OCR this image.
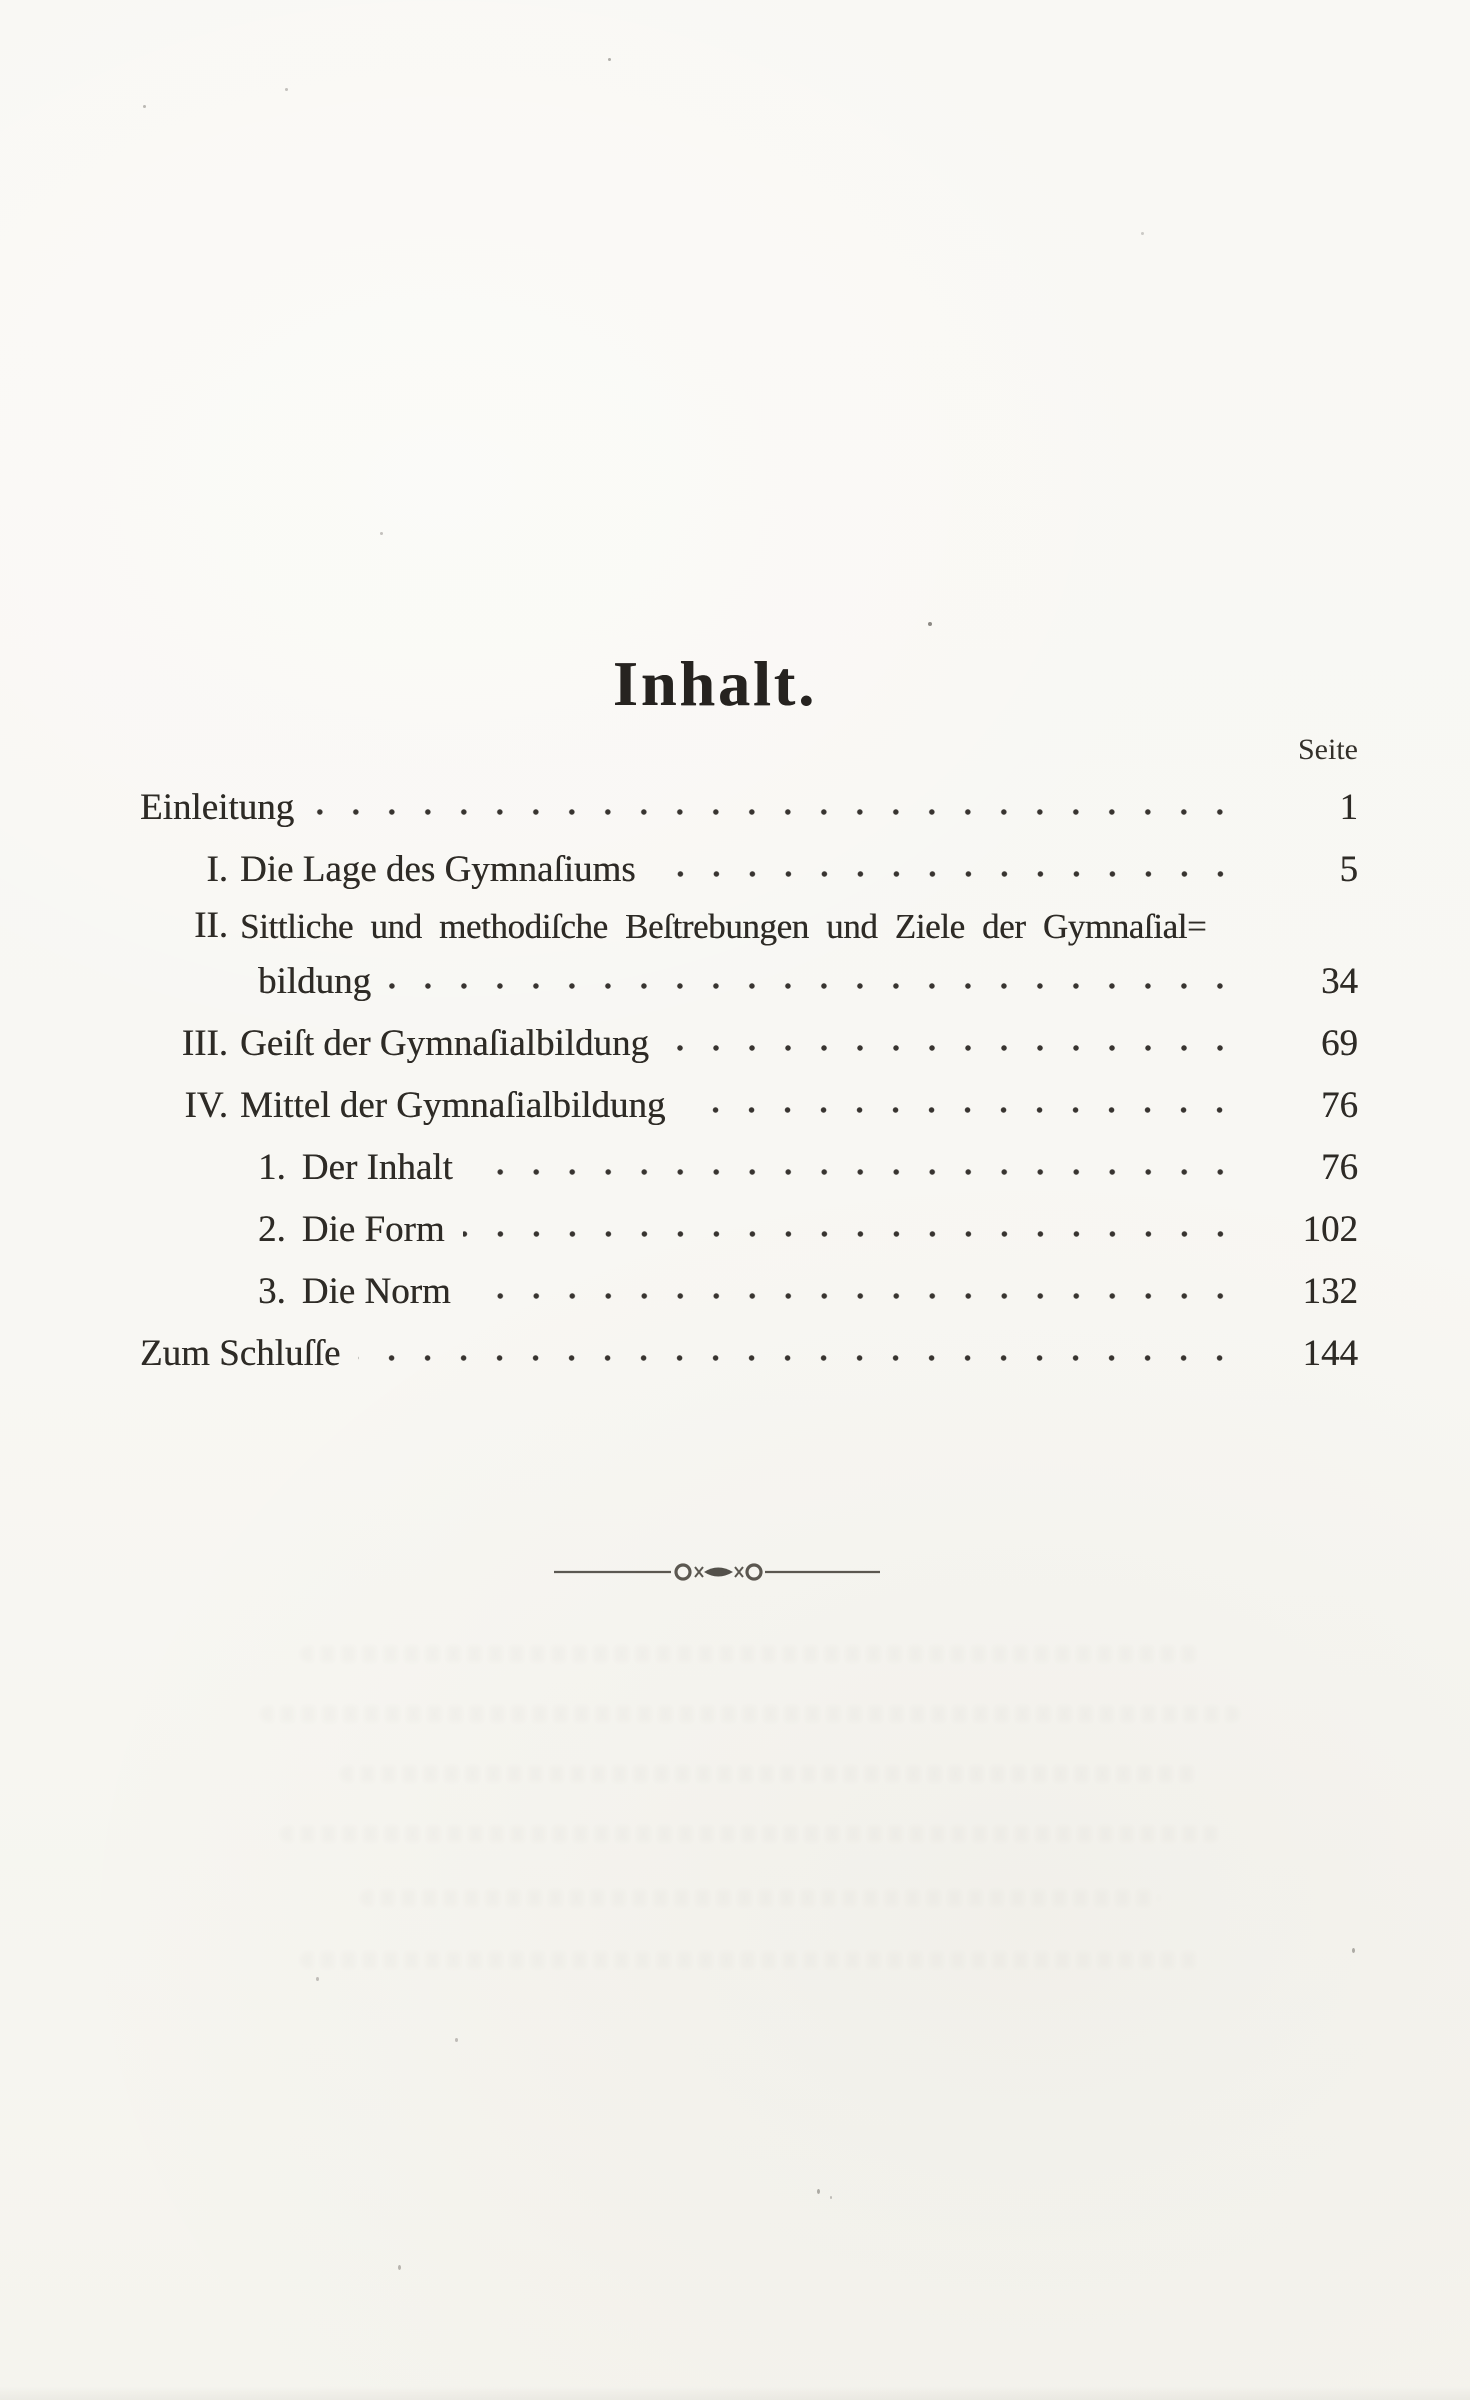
Inhalt.
Seite
Einleitung	1
I. Die Lage des Gymnaſiums	5
II. Sittliche und methodiſche Beſtrebungen und Ziele der Gymnaſial=
bildung	34
III. Geiſt der Gymnaſialbildung	69
IV. Mittel der Gymnaſialbildung	76
1. Der Inhalt	76
2. Die Form	102
3. Die Norm	132
Zum Schluſſe	144
